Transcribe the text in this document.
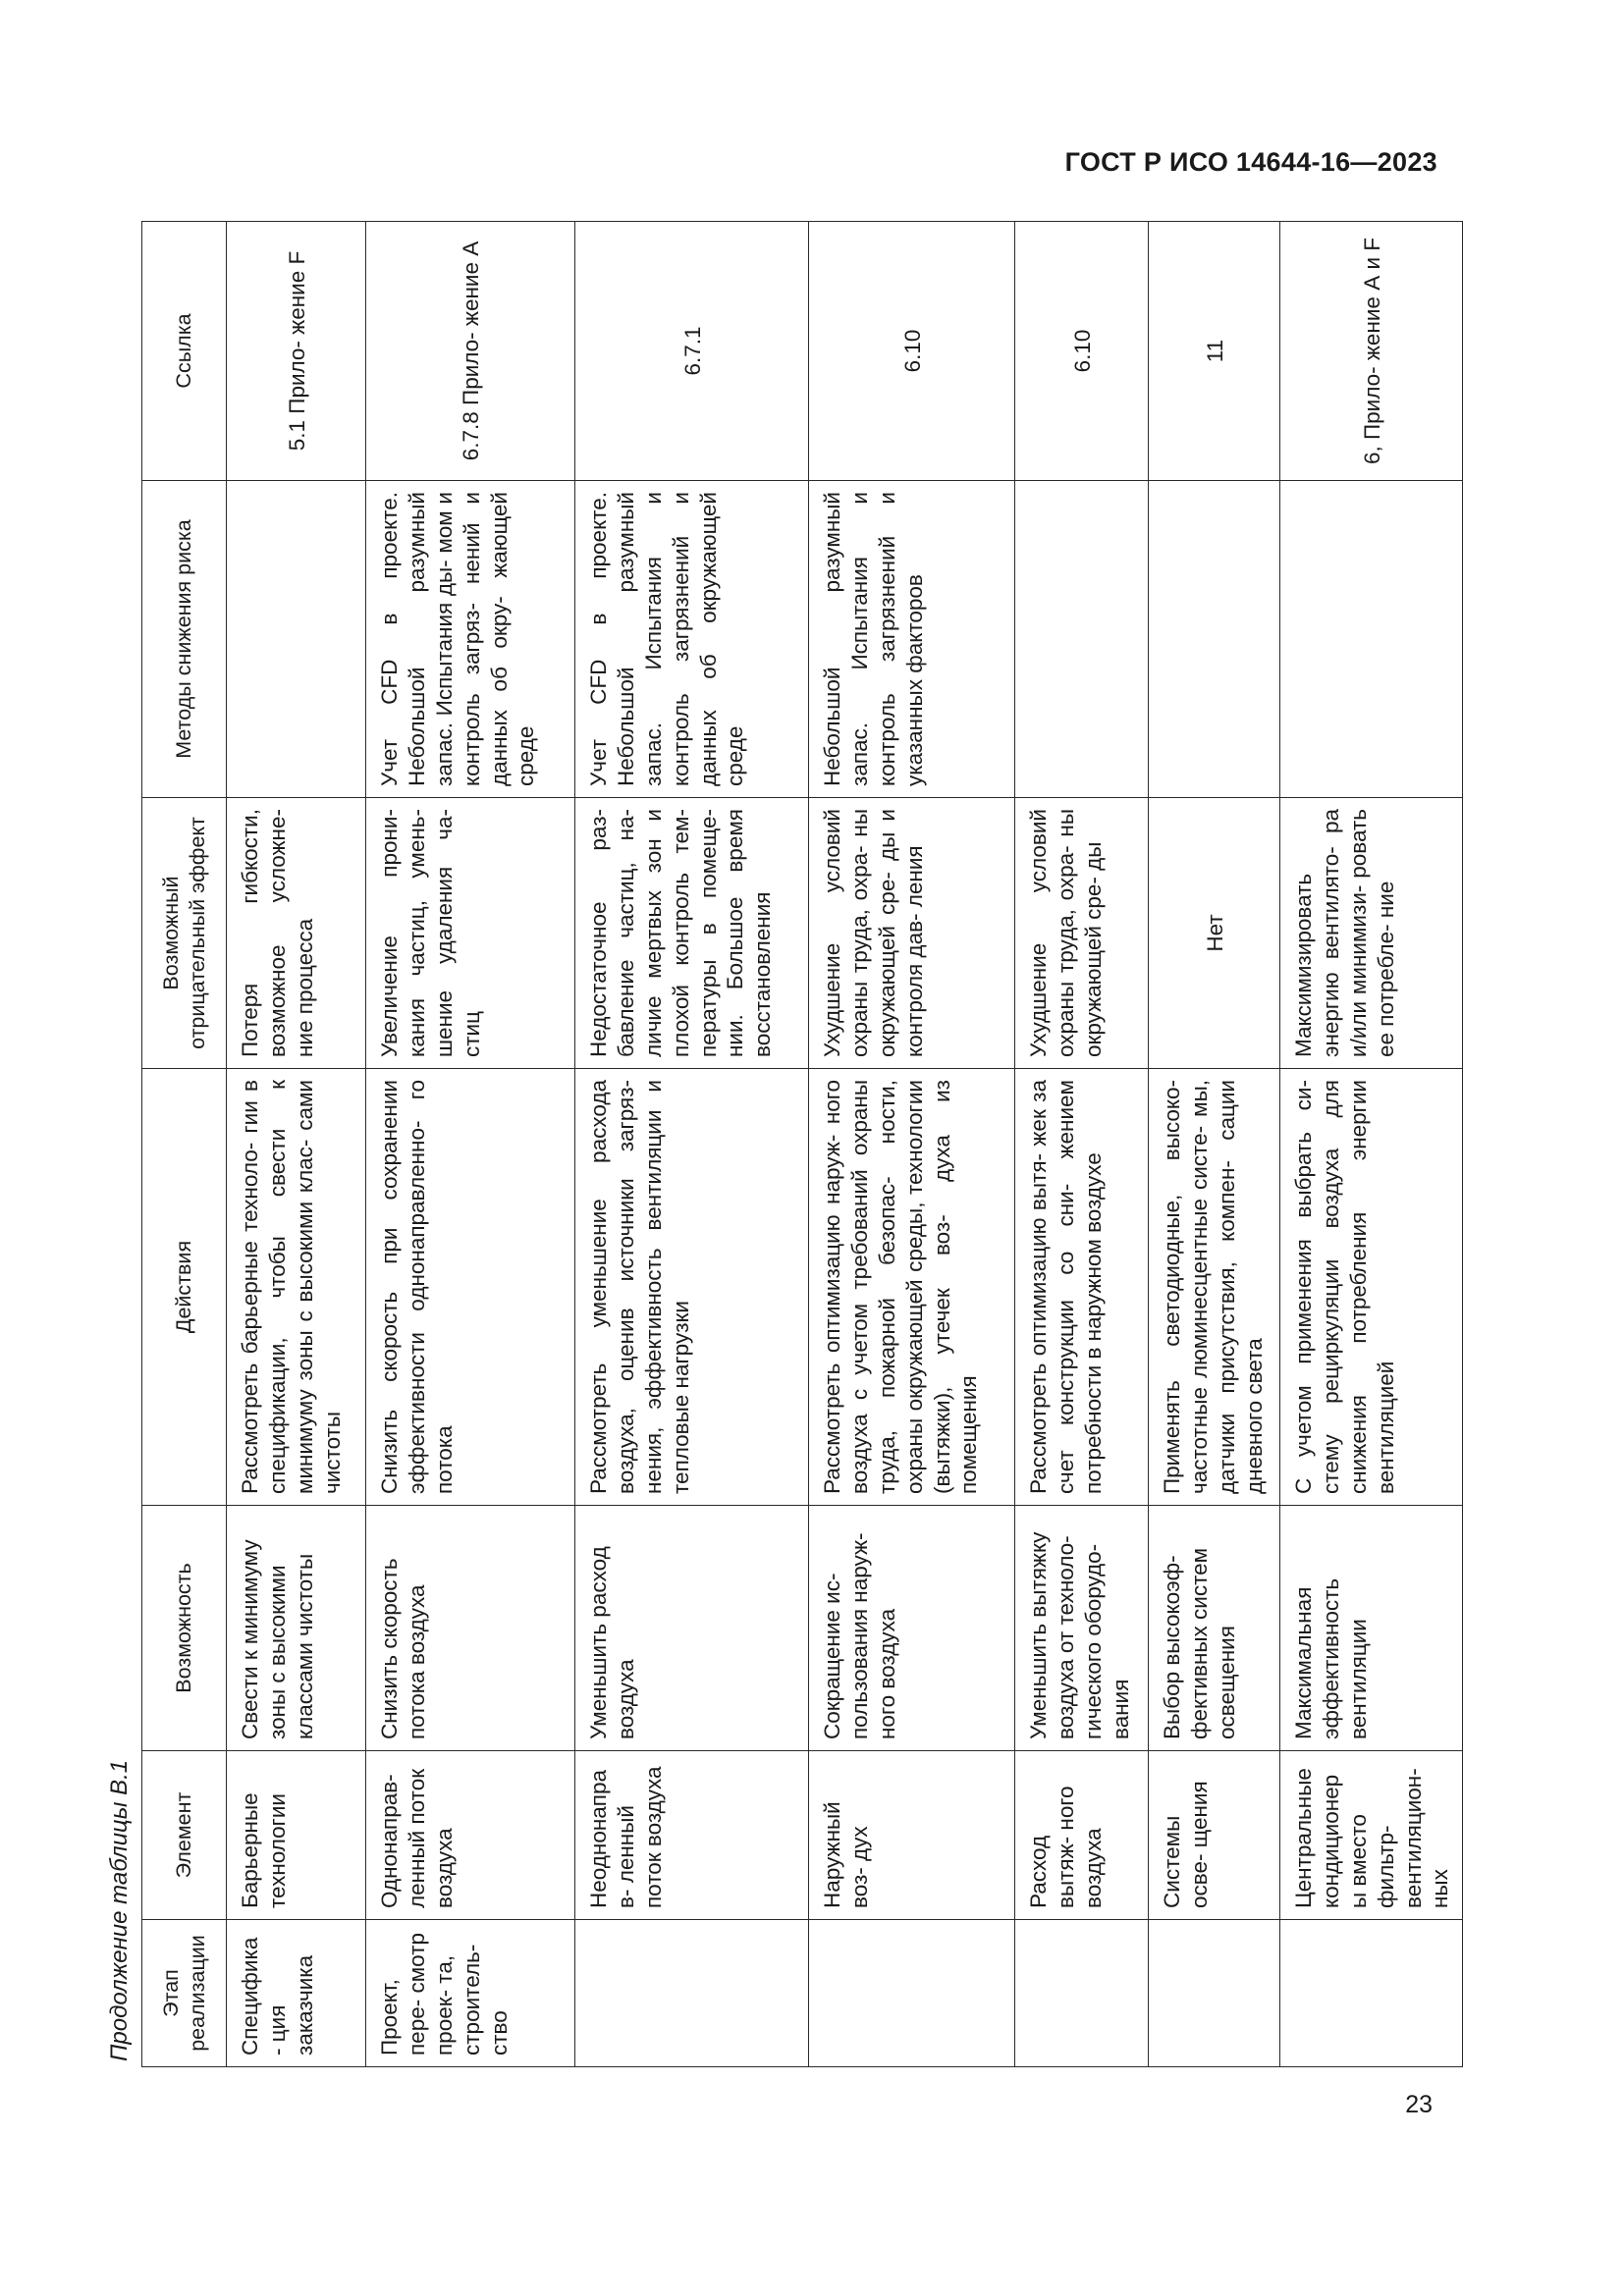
ГОСТ Р ИСО 14644-16—2023
Продолжение таблицы В.1	Этап реализации	Элемент	Возможность	Действия	Возможный отрицательный эффект	Методы снижения риска	Ссылка
Специфика- ция заказчика	Барьерные технологии	Свести к минимуму зоны с высокими классами чистоты	Рассмотреть барьерные техноло- гии в спецификации, чтобы свести к минимуму зоны с высокими клас- сами чистоты	Потеря гибкости, возможное усложне- ние процесса		5.1 Прило- жение F
Проект, пере- смотр проек- та, строитель- ство	Однонаправ- ленный поток воздуха	Снизить скорость потока воздуха	Снизить скорость при сохранении эффективности однонаправленно- го потока	Увеличение прони- кания частиц, умень- шение удаления ча- стиц	Учет CFD в проекте. Небольшой разумный запас. Испытания ды- мом и контроль загряз- нений и данных об окру- жающей среде	6.7.8 Прило- жение А
	Неоднонаправ- ленный поток воздуха	Уменьшить расход воздуха	Рассмотреть уменьшение расхода воздуха, оценив источники загряз- нения, эффективность вентиляции и тепловые нагрузки	Недостаточное раз- бавление частиц, на- личие мертвых зон и плохой контроль тем- пературы в помеще- нии. Большое время восстановления	Учет CFD в проекте. Небольшой разумный запас. Испытания и контроль загрязнений и данных об окружающей среде	6.7.1
	Наружный воз- дух	Сокращение ис- пользования наруж- ного воздуха	Рассмотреть оптимизацию наруж- ного воздуха с учетом требований охраны труда, пожарной безопас- ности, охраны окружающей среды, технологии (вытяжки), утечек воз- духа из помещения	Ухудшение условий охраны труда, охра- ны окружающей сре- ды и контроля дав- ления	Небольшой разумный запас. Испытания и контроль загрязнений и указанных факторов	6.10
	Расход вытяж- ного воздуха	Уменьшить вытяжку воздуха от техноло- гического оборудо- вания	Рассмотреть оптимизацию вытя- жек за счет конструкции со сни- жением потребности в наружном воздухе	Ухудшение условий охраны труда, охра- ны окружающей сре- ды		6.10
	Системы осве- щения	Выбор высокоэф- фективных систем освещения	Применять светодиодные, высоко- частотные люминесцентные систе- мы, датчики присутствия, компен- сации дневного света	Нет		11
	Центральные кондиционеры вместо фильтр- вентиляцион- ных	Максимальная эффективность вентиляции	С учетом применения выбрать си- стему рециркуляции воздуха для снижения потребления энергии вентиляцией	Максимизировать энергию вентилято- ра и/или минимизи- ровать ее потребле- ние		6, Прило- жение А и F
23
